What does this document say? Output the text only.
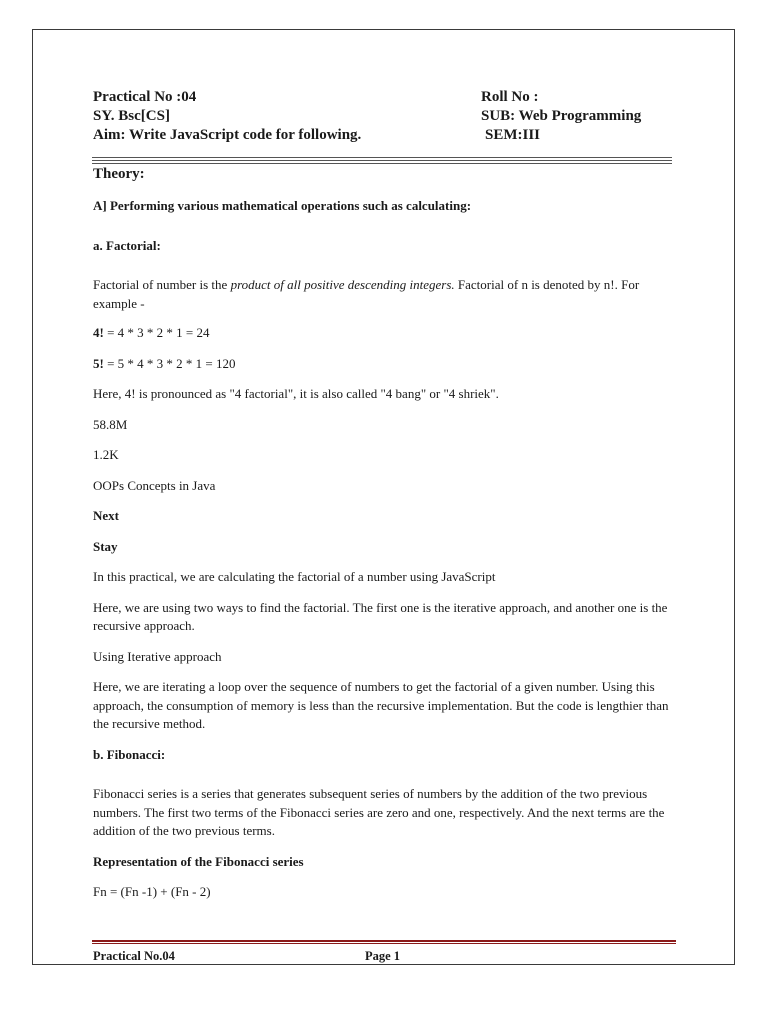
Practical No :04	Roll No :
SY. Bsc[CS]	SUB: Web Programming
Aim: Write JavaScript code for following.	SEM:III
Theory:

A] Performing various mathematical operations such as calculating:

a. Factorial:

Factorial of number is the product of all positive descending integers. Factorial of n is denoted by n!. For example -

4! = 4 * 3 * 2 * 1 = 24

5! = 5 * 4 * 3 * 2 * 1 = 120

Here, 4! is pronounced as "4 factorial", it is also called "4 bang" or "4 shriek".

58.8M

1.2K

OOPs Concepts in Java

Next

Stay

In this practical, we are calculating the factorial of a number using JavaScript

Here, we are using two ways to find the factorial. The first one is the iterative approach, and another one is the recursive approach.

Using Iterative approach

Here, we are iterating a loop over the sequence of numbers to get the factorial of a given number. Using this approach, the consumption of memory is less than the recursive implementation. But the code is lengthier than the recursive method.

b. Fibonacci:

Fibonacci series is a series that generates subsequent series of numbers by the addition of the two previous numbers. The first two terms of the Fibonacci series are zero and one, respectively. And the next terms are the addition of the two previous terms.

Representation of the Fibonacci series

Fn = (Fn -1) + (Fn - 2)

Practical No.04	Page 1
